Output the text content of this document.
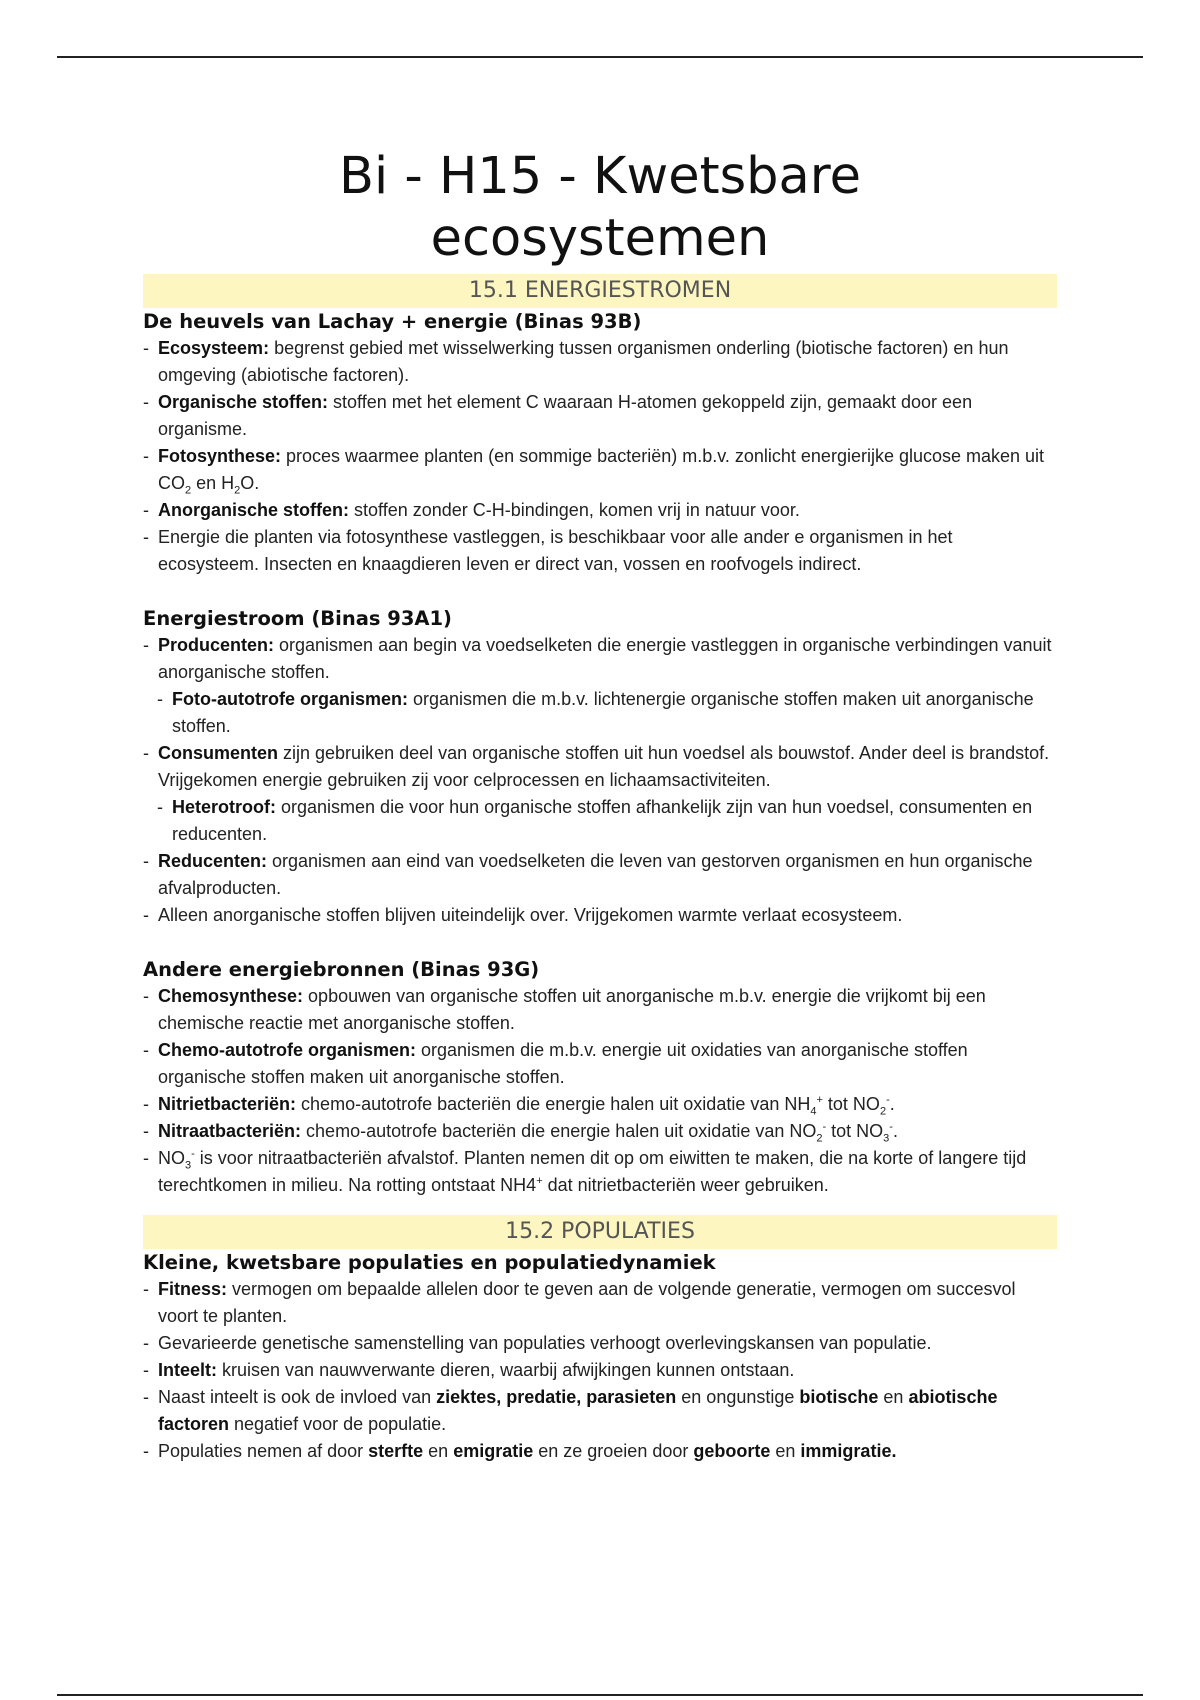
Bi - H15 - Kwetsbare
ecosystemen
15.1 ENERGIESTROMEN
De heuvels van Lachay + energie (Binas 93B)
- Ecosysteem: begrenst gebied met wisselwerking tussen organismen onderling (biotische factoren) en hun omgeving (abiotische factoren).
- Organische stoffen: stoffen met het element C waaraan H-atomen gekoppeld zijn, gemaakt door een organisme.
- Fotosynthese: proces waarmee planten (en sommige bacteriën) m.b.v. zonlicht energierijke glucose maken uit $CO_2$ en $H_2O$.
- Anorganische stoffen: stoffen zonder C-H-bindingen, komen vrij in natuur voor.
- Energie die planten via fotosynthese vastleggen, is beschikbaar voor alle ander e organismen in het ecosysteem. Insecten en knaagdieren leven er direct van, vossen en roofvogels indirect.
Energiestroom (Binas 93A1)
- Producenten: organismen aan begin va voedselketen die energie vastleggen in organische verbindingen vanuit anorganische stoffen.
- Foto-autotrofe organismen: organismen die m.b.v. lichtenergie organische stoffen maken uit anorganische stoffen.
- Consumenten zijn gebruiken deel van organische stoffen uit hun voedsel als bouwstof. Ander deel is brandstof. Vrijgekomen energie gebruiken zij voor celprocessen en lichaamsactiviteiten.
- Heterotroof: organismen die voor hun organische stoffen afhankelijk zijn van hun voedsel, consumenten en reducenten.
- Reducenten: organismen aan eind van voedselketen die leven van gestorven organismen en hun organische afvalproducten.
- Alleen anorganische stoffen blijven uiteindelijk over. Vrijgekomen warmte verlaat ecosysteem.
Andere energiebronnen (Binas 93G)
- Chemosynthese: opbouwen van organische stoffen uit anorganische m.b.v. energie die vrijkomt bij een chemische reactie met anorganische stoffen.
- Chemo-autotrofe organismen: organismen die m.b.v. energie uit oxidaties van anorganische stoffen organische stoffen maken uit anorganische stoffen.
- Nitrietbacteriën: chemo-autotrofe bacteriën die energie halen uit oxidatie van $NH_4^+$ tot $NO_2^-$.
- Nitraatbacteriën: chemo-autotrofe bacteriën die energie halen uit oxidatie van $NO_2^-$ tot $NO_3^-$.
- $NO_3^-$ is voor nitraatbacteriën afvalstof. Planten nemen dit op om eiwitten te maken, die na korte of langere tijd terechtkomen in milieu. Na rotting ontstaat NH4+ dat nitrietbacteriën weer gebruiken.
15.2 POPULATIES
Kleine, kwetsbare populaties en populatiedynamiek
- Fitness: vermogen om bepaalde allelen door te geven aan de volgende generatie, vermogen om succesvol voort te planten.
- Gevarieerde genetische samenstelling van populaties verhoogt overlevingskansen van populatie.
- Inteelt: kruisen van nauwverwante dieren, waarbij afwijkingen kunnen ontstaan.
- Naast inteelt is ook de invloed van ziektes, predatie, parasieten en ongunstige biotische en abiotische factoren negatief voor de populatie.
- Populaties nemen af door sterfte en emigratie en ze groeien door geboorte en immigratie.
